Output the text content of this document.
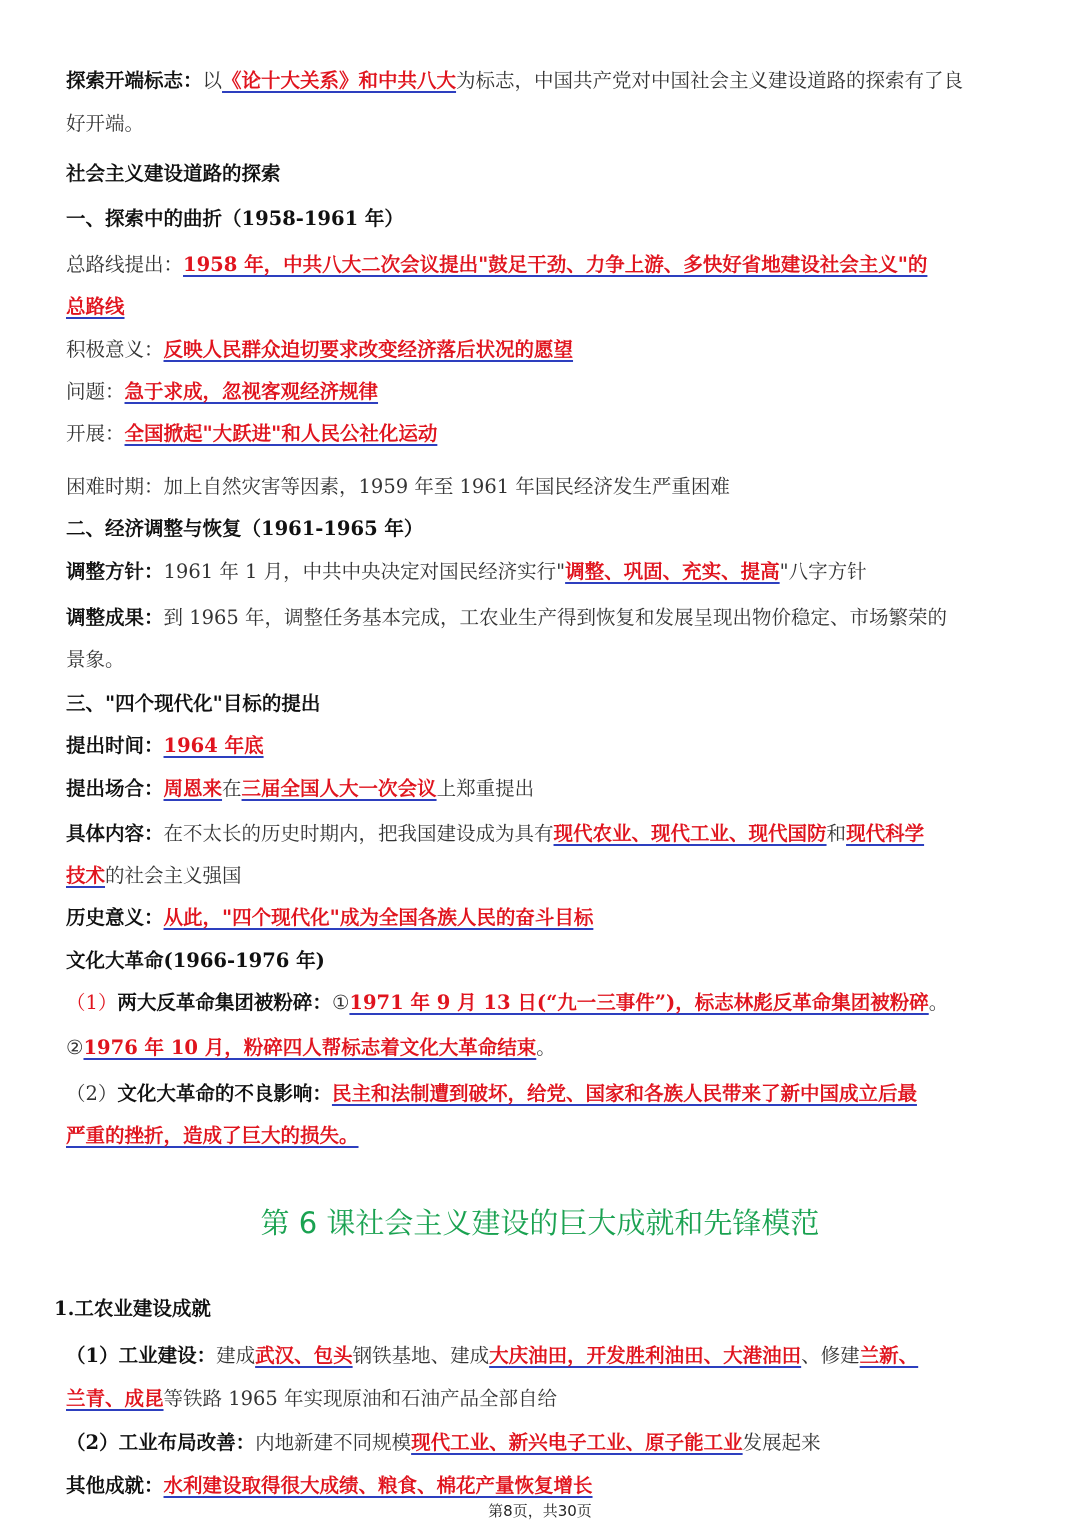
探索开端标志：以《论十大关系》和中共八大为标志，中国共产党对中国社会主义建设道路的探索有了良
好开端。
社会主义建设道路的探索
一、探索中的曲折（1958-1961 年）
总路线提出：1958 年，中共八大二次会议提出"鼓足干劲、力争上游、多快好省地建设社会主义"的
总路线
积极意义：反映人民群众迫切要求改变经济落后状况的愿望
问题：急于求成，忽视客观经济规律
开展：全国掀起"大跃进"和人民公社化运动
困难时期：加上自然灾害等因素，1959 年至 1961 年国民经济发生严重困难
二、经济调整与恢复（1961-1965 年）
调整方针：1961 年 1 月，中共中央决定对国民经济实行"调整、巩固、充实、提高"八字方针
调整成果：到 1965 年，调整任务基本完成，工农业生产得到恢复和发展呈现出物价稳定、市场繁荣的
景象。
三、"四个现代化"目标的提出
提出时间：1964 年底
提出场合：周恩来在三届全国人大一次会议上郑重提出
具体内容：在不太长的历史时期内，把我国建设成为具有现代农业、现代工业、现代国防和现代科学
技术的社会主义强国
历史意义：从此，"四个现代化"成为全国各族人民的奋斗目标
文化大革命(1966-1976 年)
（1）两大反革命集团被粉碎：①1971 年 9 月 13 日(“九一三事件”)，标志林彪反革命集团被粉碎。
②1976 年 10 月，粉碎四人帮标志着文化大革命结束。
（2）文化大革命的不良影响：民主和法制遭到破坏，给党、国家和各族人民带来了新中国成立后最
严重的挫折，造成了巨大的损失。
第 6 课社会主义建设的巨大成就和先锋模范
1.工农业建设成就
（1）工业建设：建成武汉、包头钢铁基地、建成大庆油田，开发胜利油田、大港油田、修建兰新、
兰青、成昆等铁路 1965 年实现原油和石油产品全部自给
（2）工业布局改善：内地新建不同规模现代工业、新兴电子工业、原子能工业发展起来
其他成就：水利建设取得很大成绩、粮食、棉花产量恢复增长
第8页，共30页
